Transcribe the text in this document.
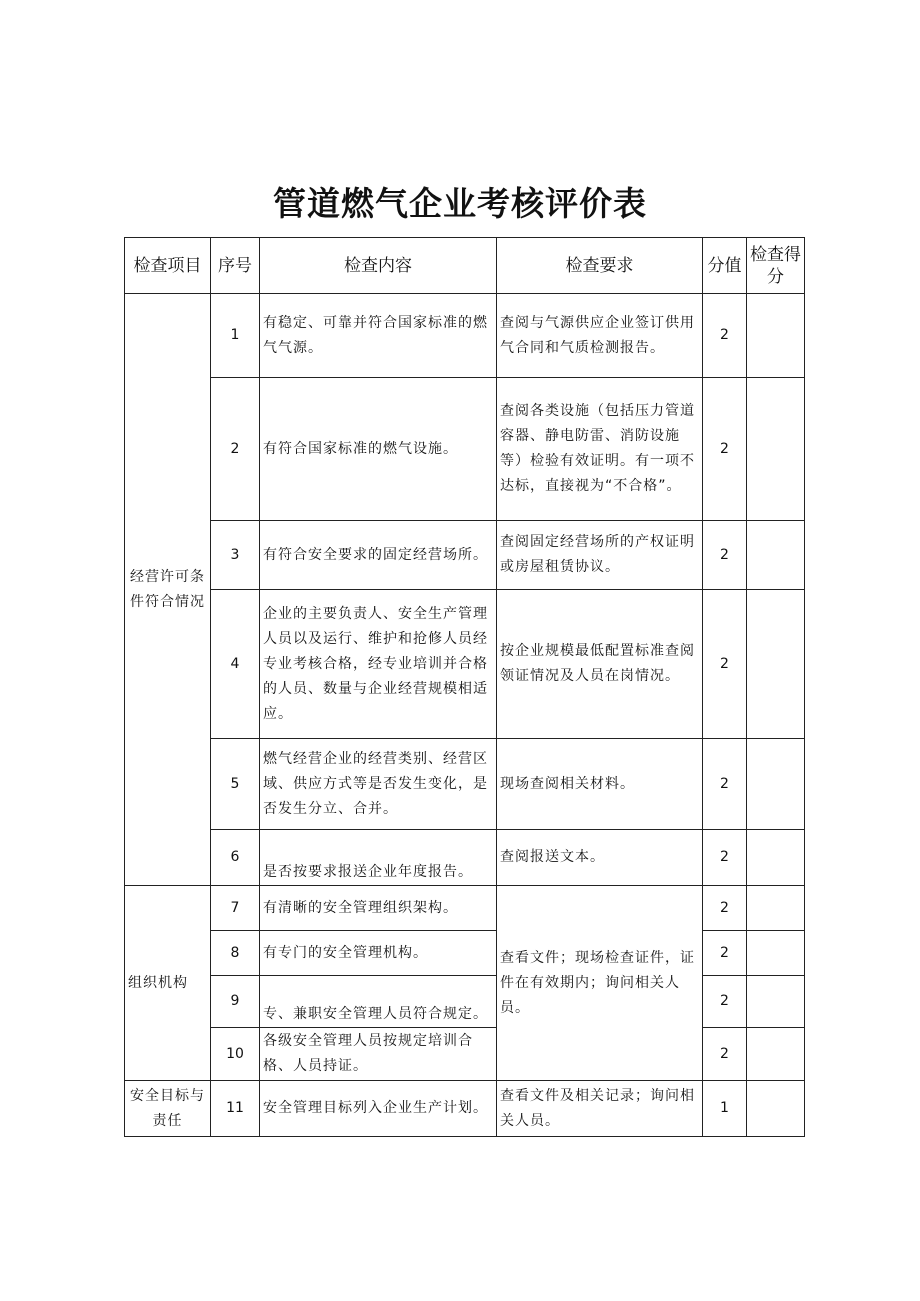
管道燃气企业考核评价表
检查项目	序号	检查内容	检查要求	分值	检查得分
经营许可条件符合情况	1	有稳定、可靠并符合国家标准的燃气气源。	查阅与气源供应企业签订供用气合同和气质检测报告。	2	
	2	有符合国家标准的燃气设施。	查阅各类设施（包括压力管道容器、静电防雷、消防设施等）检验有效证明。有一项不达标，直接视为“不合格”。	2	
	3	有符合安全要求的固定经营场所。	查阅固定经营场所的产权证明或房屋租赁协议。	2	
	4	企业的主要负责人、安全生产管理人员以及运行、维护和抢修人员经专业考核合格，经专业培训并合格的人员、数量与企业经营规模相适应。	按企业规模最低配置标准查阅领证情况及人员在岗情况。	2	
	5	燃气经营企业的经营类别、经营区域、供应方式等是否发生变化，是否发生分立、合并。	现场查阅相关材料。	2	
	6	是否按要求报送企业年度报告。	查阅报送文本。	2	
组织机构	7	有清晰的安全管理组织架构。	查看文件；现场检查证件，证件在有效期内；询问相关人员。	2	
	8	有专门的安全管理机构。		2	
	9	专、兼职安全管理人员符合规定。		2	
	10	各级安全管理人员按规定培训合格、人员持证。		2	
安全目标与责任	11	安全管理目标列入企业生产计划。	查看文件及相关记录；询问相关人员。	1	
